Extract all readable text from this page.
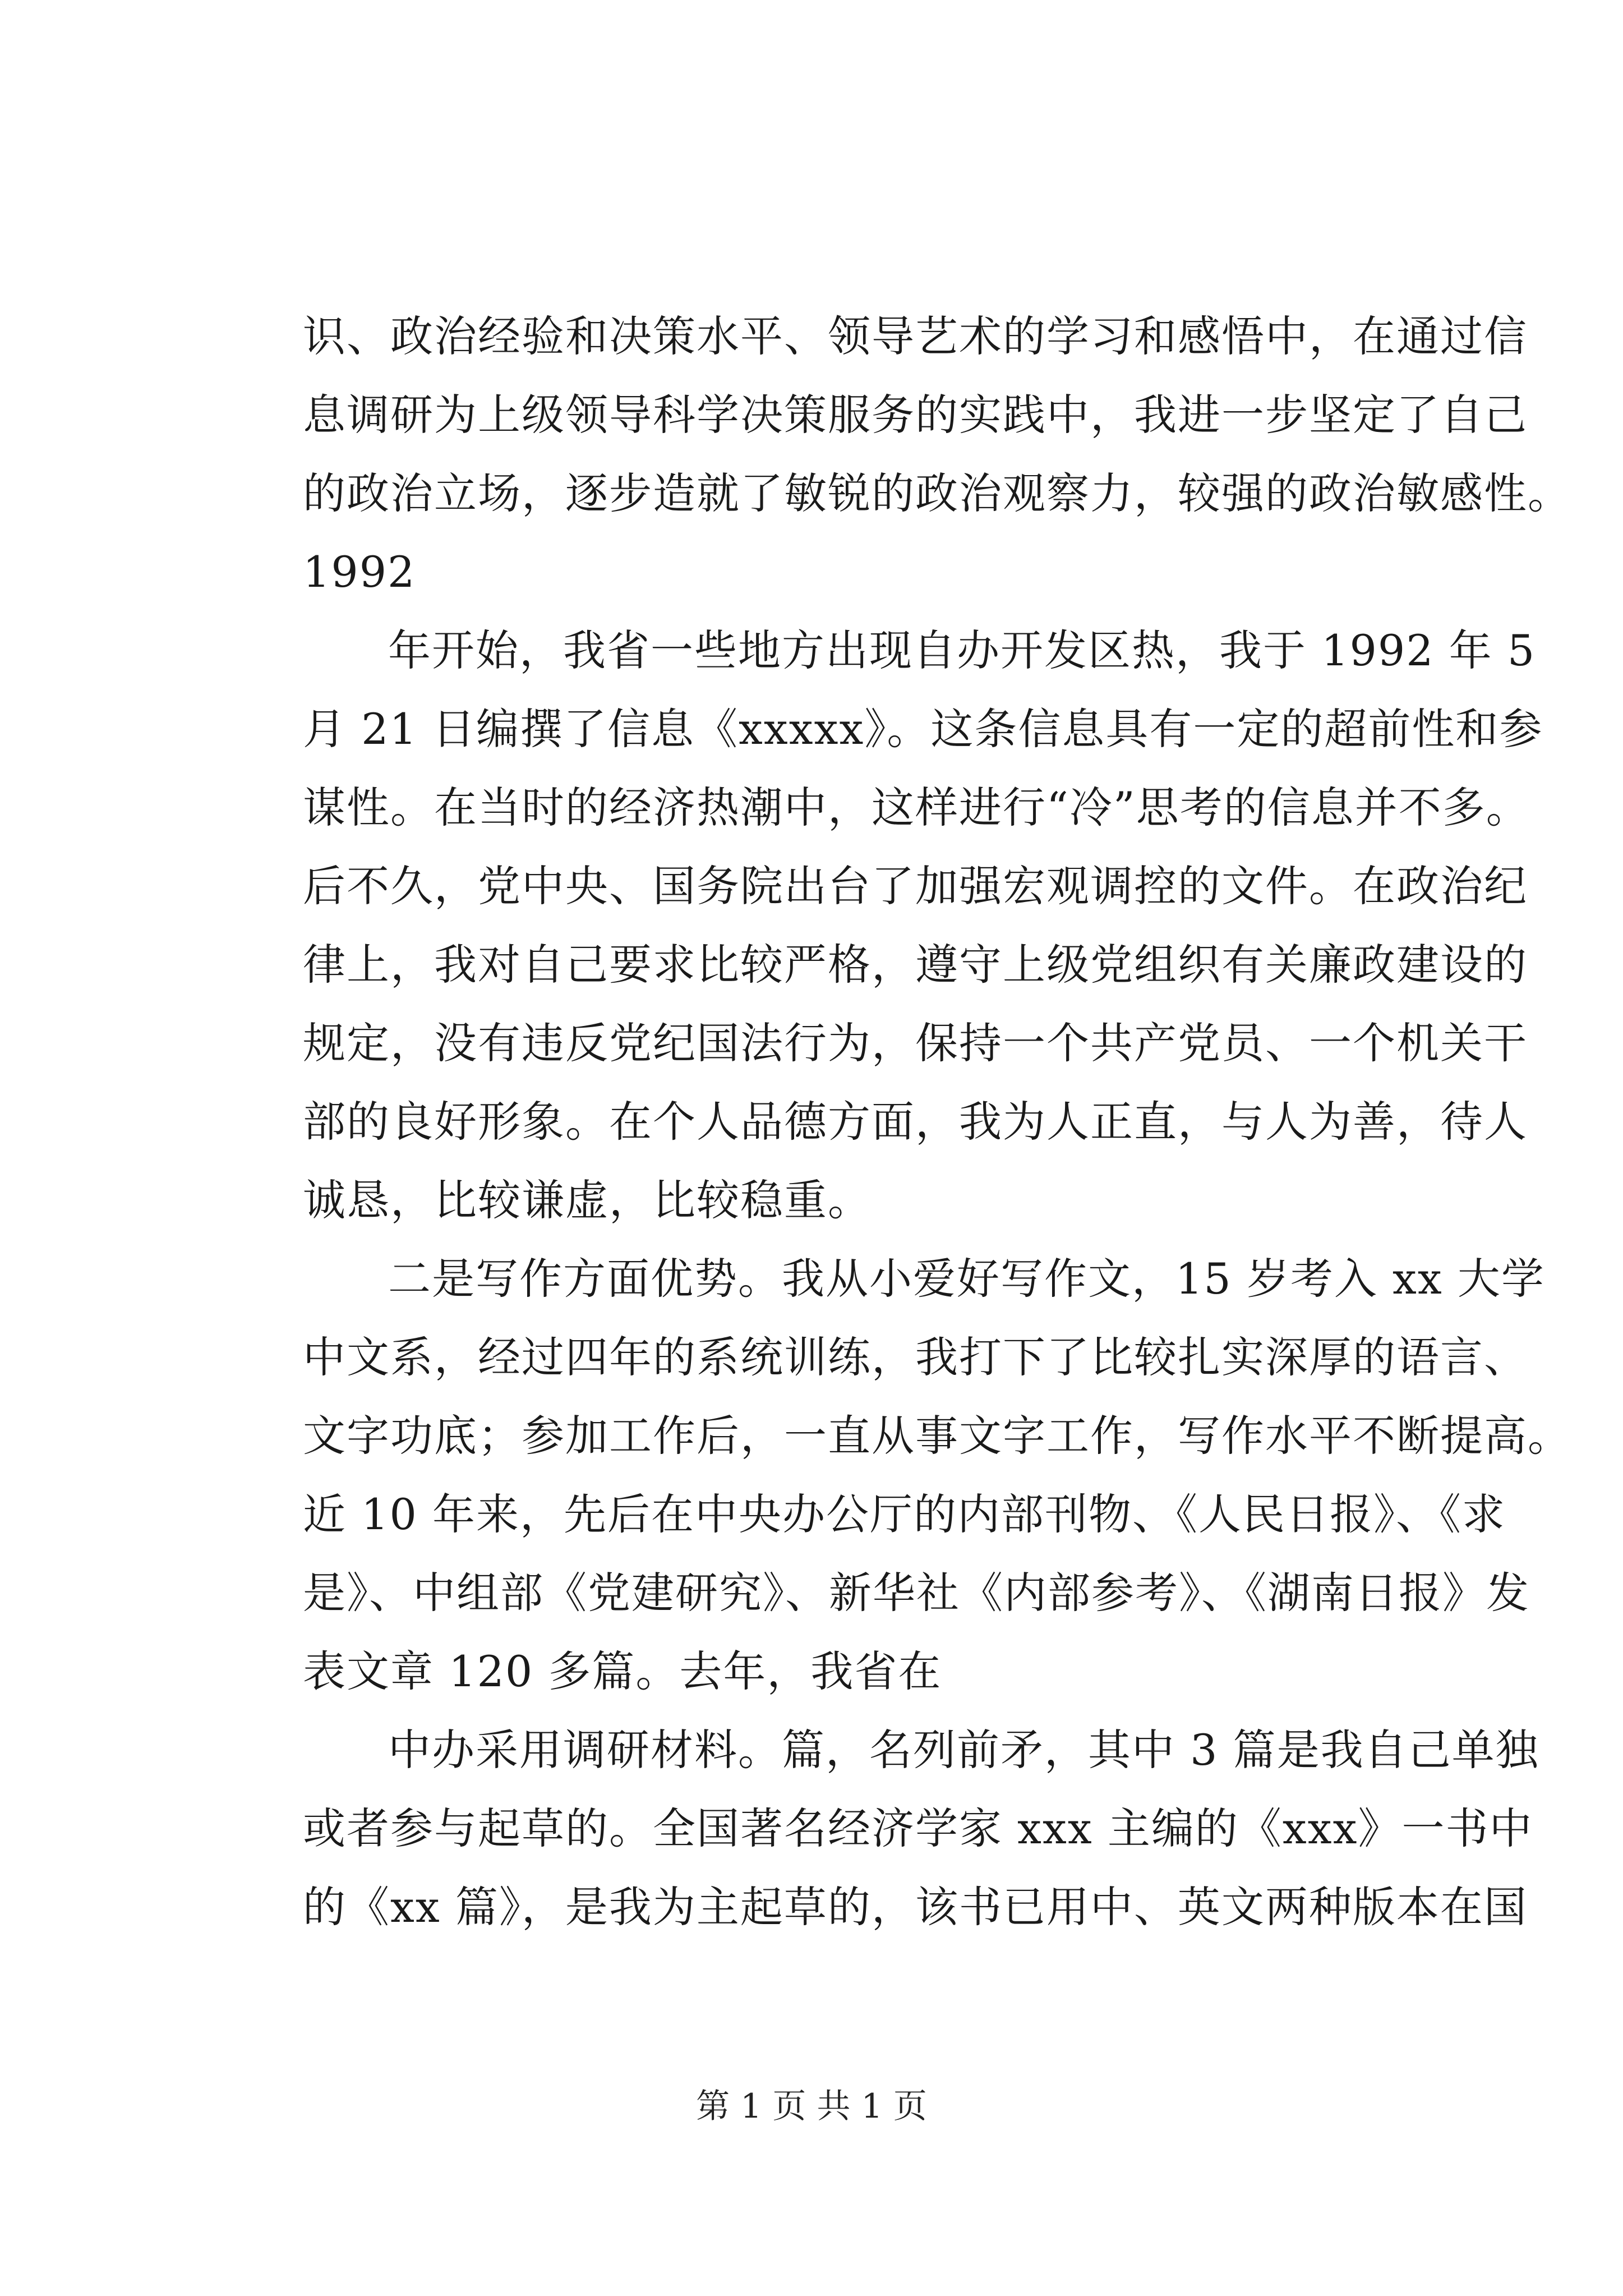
识、政治经验和决策水平、领导艺术的学习和感悟中，在通过信
息调研为上级领导科学决策服务的实践中，我进一步坚定了自己
的政治立场，逐步造就了敏锐的政治观察力，较强的政治敏感性。
1992
年开始，我省一些地方出现自办开发区热，我于 1992 年 5
月 21 日编撰了信息《xxxxx》。这条信息具有一定的超前性和参
谋性。在当时的经济热潮中，这样进行“冷”思考的信息并不多。
后不久，党中央、国务院出台了加强宏观调控的文件。在政治纪
律上，我对自己要求比较严格，遵守上级党组织有关廉政建设的
规定，没有违反党纪国法行为，保持一个共产党员、一个机关干
部的良好形象。在个人品德方面，我为人正直，与人为善，待人
诚恳，比较谦虚，比较稳重。
二是写作方面优势。我从小爱好写作文，15 岁考入 xx 大学
中文系，经过四年的系统训练，我打下了比较扎实深厚的语言、
文字功底；参加工作后，一直从事文字工作，写作水平不断提高。
近 10 年来，先后在中央办公厅的内部刊物、《人民日报》、《求
是》、中组部《党建研究》、新华社《内部参考》、《湖南日报》发
表文章 120 多篇。去年，我省在
中办采用调研材料。篇，名列前矛，其中 3 篇是我自己单独
或者参与起草的。全国著名经济学家 xxx 主编的《xxx》一书中
的《xx 篇》，是我为主起草的，该书已用中、英文两种版本在国
第 1 页 共 1 页
